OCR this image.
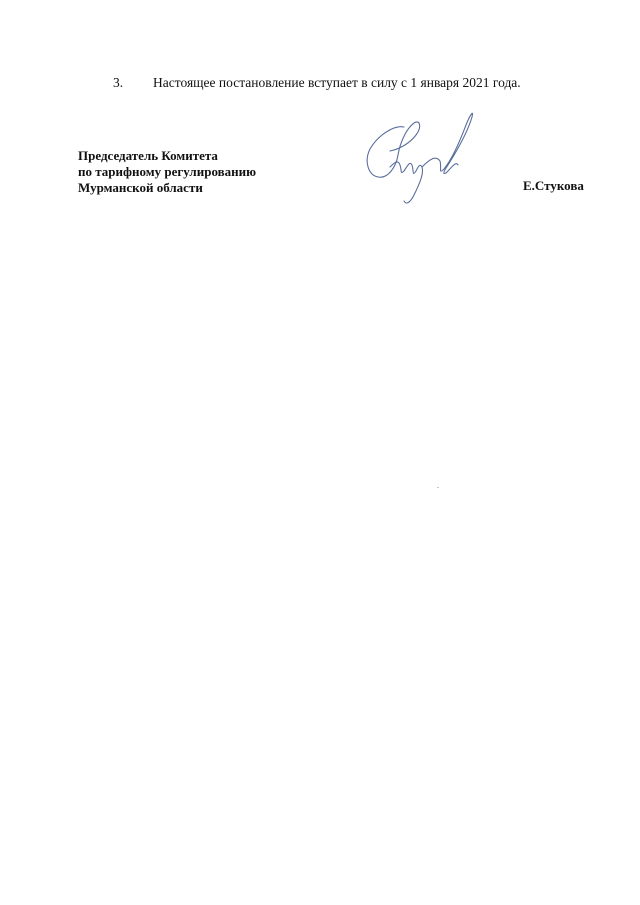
3. Настоящее постановление вступает в силу с 1 января 2021 года.
Председатель Комитета
по тарифному регулированию
Мурманской области	Е.Стукова
